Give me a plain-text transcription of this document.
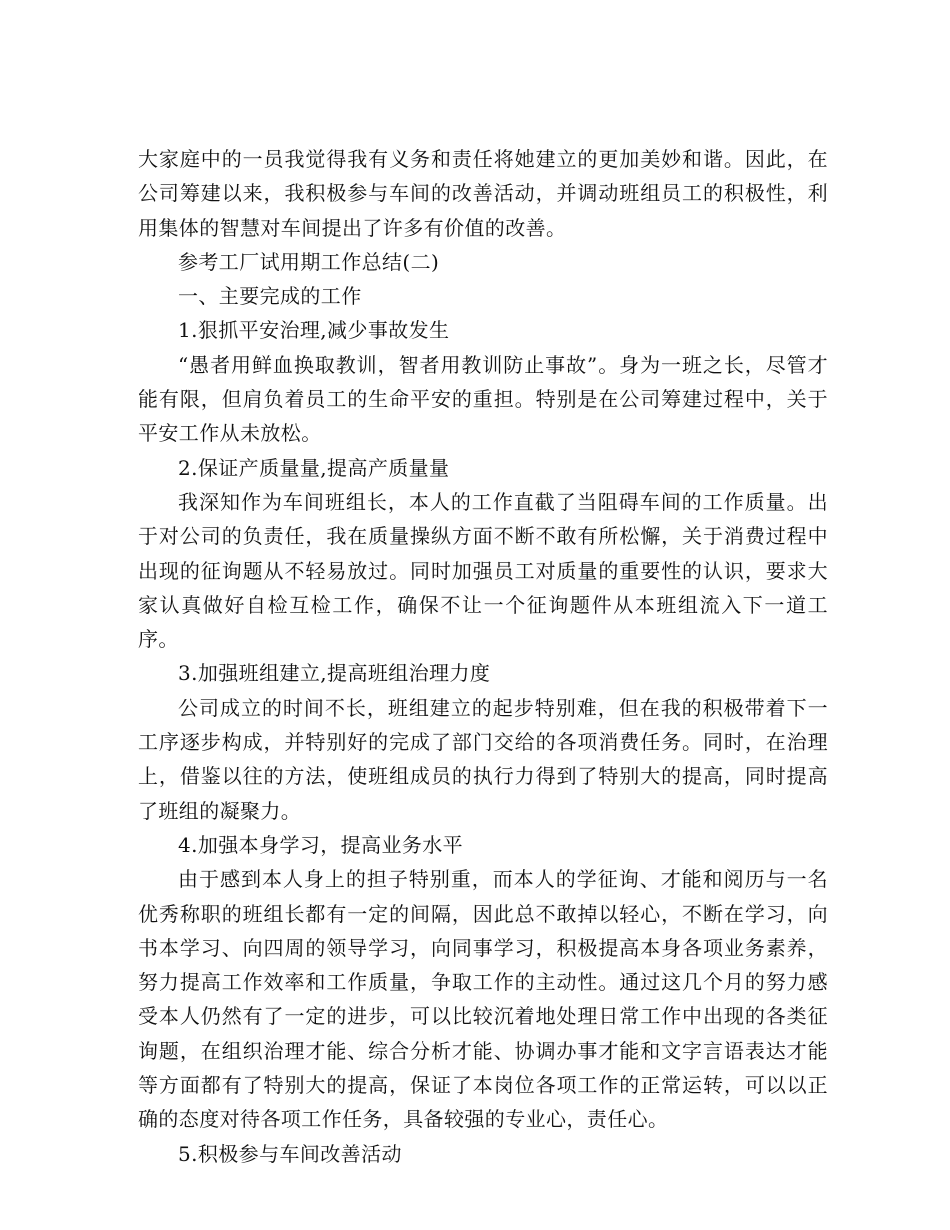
大家庭中的一员我觉得我有义务和责任将她建立的更加美妙和谐。因此，在公司筹建以来，我积极参与车间的改善活动，并调动班组员工的积极性，利用集体的智慧对车间提出了许多有价值的改善。

参考工厂试用期工作总结(二)

一、主要完成的工作

1.狠抓平安治理,减少事故发生

“愚者用鲜血换取教训，智者用教训防止事故”。身为一班之长，尽管才能有限，但肩负着员工的生命平安的重担。特别是在公司筹建过程中，关于平安工作从未放松。

2.保证产质量量,提高产质量量

我深知作为车间班组长，本人的工作直截了当阻碍车间的工作质量。出于对公司的负责任，我在质量操纵方面不断不敢有所松懈，关于消费过程中出现的征询题从不轻易放过。同时加强员工对质量的重要性的认识，要求大家认真做好自检互检工作，确保不让一个征询题件从本班组流入下一道工序。

3.加强班组建立,提高班组治理力度

公司成立的时间不长，班组建立的起步特别难，但在我的积极带着下一工序逐步构成，并特别好的完成了部门交给的各项消费任务。同时，在治理上，借鉴以往的方法，使班组成员的执行力得到了特别大的提高，同时提高了班组的凝聚力。

4.加强本身学习，提高业务水平

由于感到本人身上的担子特别重，而本人的学征询、才能和阅历与一名优秀称职的班组长都有一定的间隔，因此总不敢掉以轻心，不断在学习，向书本学习、向四周的领导学习，向同事学习，积极提高本身各项业务素养，努力提高工作效率和工作质量，争取工作的主动性。通过这几个月的努力感受本人仍然有了一定的进步，可以比较沉着地处理日常工作中出现的各类征询题，在组织治理才能、综合分析才能、协调办事才能和文字言语表达才能等方面都有了特别大的提高，保证了本岗位各项工作的正常运转，可以以正确的态度对待各项工作任务，具备较强的专业心，责任心。

5.积极参与车间改善活动
